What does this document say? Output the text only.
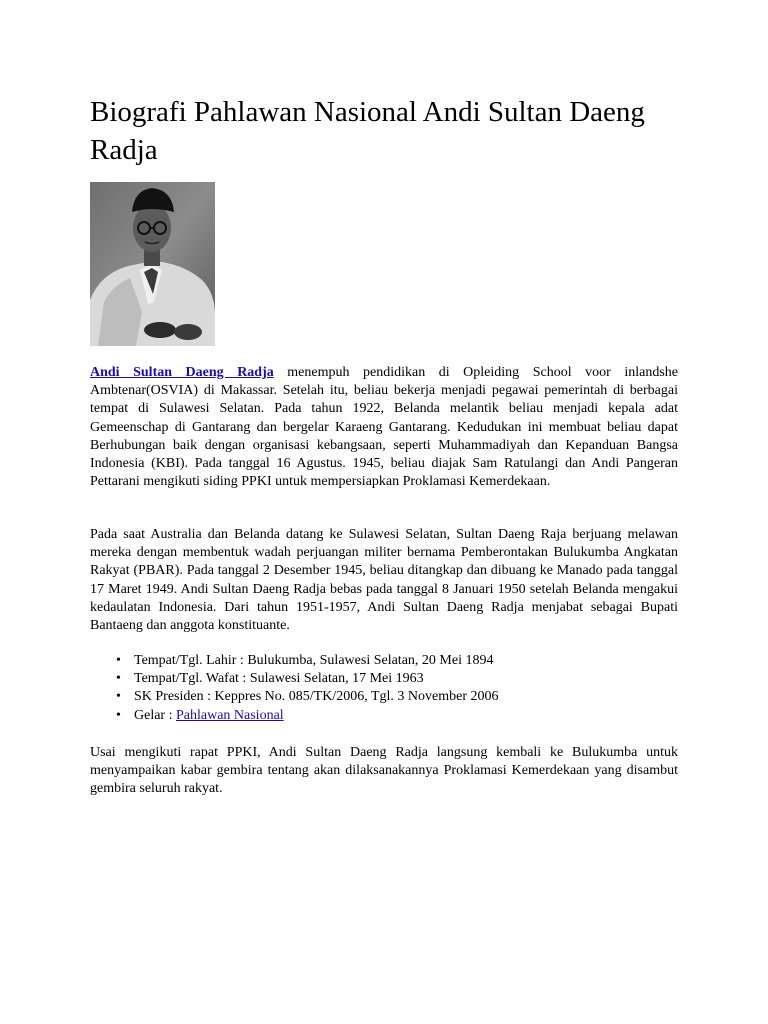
Biografi Pahlawan Nasional Andi Sultan Daeng Radja

Andi Sultan Daeng Radja menempuh pendidikan di Opleiding School voor inlandshe Ambtenar(OSVIA) di Makassar. Setelah itu, beliau bekerja menjadi pegawai pemerintah di berbagai tempat di Sulawesi Selatan. Pada tahun 1922, Belanda melantik beliau menjadi kepala adat Gemeenschap di Gantarang dan bergelar Karaeng Gantarang. Kedudukan ini membuat beliau dapat Berhubungan baik dengan organisasi kebangsaan, seperti Muhammadiyah dan Kepanduan Bangsa Indonesia (KBI). Pada tanggal 16 Agustus. 1945, beliau diajak Sam Ratulangi dan Andi Pangeran Pettarani mengikuti siding PPKI untuk mempersiapkan Proklamasi Kemerdekaan.

Pada saat Australia dan Belanda datang ke Sulawesi Selatan, Sultan Daeng Raja berjuang melawan mereka dengan membentuk wadah perjuangan militer bernama Pemberontakan Bulukumba Angkatan Rakyat (PBAR). Pada tanggal 2 Desember 1945, beliau ditangkap dan dibuang ke Manado pada tanggal 17 Maret 1949. Andi Sultan Daeng Radja bebas pada tanggal 8 Januari 1950 setelah Belanda mengakui kedaulatan Indonesia. Dari tahun 1951-1957, Andi Sultan Daeng Radja menjabat sebagai Bupati Bantaeng dan anggota konstituante.

• Tempat/Tgl. Lahir : Bulukumba, Sulawesi Selatan, 20 Mei 1894
• Tempat/Tgl. Wafat : Sulawesi Selatan, 17 Mei 1963
• SK Presiden : Keppres No. 085/TK/2006, Tgl. 3 November 2006
• Gelar : Pahlawan Nasional

Usai mengikuti rapat PPKI, Andi Sultan Daeng Radja langsung kembali ke Bulukumba untuk menyampaikan kabar gembira tentang akan dilaksanakannya Proklamasi Kemerdekaan yang disambut gembira seluruh rakyat.
